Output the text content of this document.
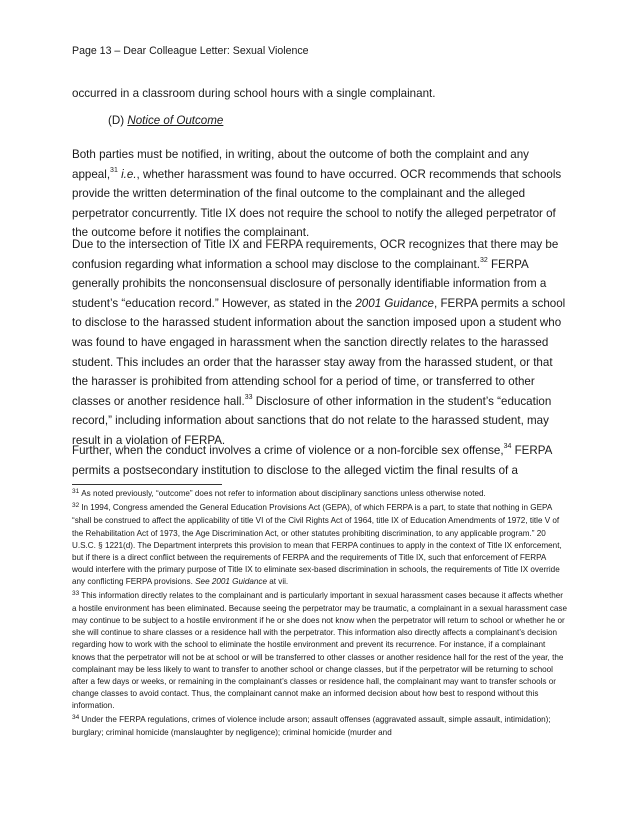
Page 13 – Dear Colleague Letter: Sexual Violence

occurred in a classroom during school hours with a single complainant.

(D) Notice of Outcome

Both parties must be notified, in writing, about the outcome of both the complaint and any appeal,$^{31}$ i.e., whether harassment was found to have occurred. OCR recommends that schools provide the written determination of the final outcome to the complainant and the alleged perpetrator concurrently. Title IX does not require the school to notify the alleged perpetrator of the outcome before it notifies the complainant.

Due to the intersection of Title IX and FERPA requirements, OCR recognizes that there may be confusion regarding what information a school may disclose to the complainant.$^{32}$ FERPA generally prohibits the nonconsensual disclosure of personally identifiable information from a student’s “education record.” However, as stated in the 2001 Guidance, FERPA permits a school to disclose to the harassed student information about the sanction imposed upon a student who was found to have engaged in harassment when the sanction directly relates to the harassed student. This includes an order that the harasser stay away from the harassed student, or that the harasser is prohibited from attending school for a period of time, or transferred to other classes or another residence hall.$^{33}$ Disclosure of other information in the student’s “education record,” including information about sanctions that do not relate to the harassed student, may result in a violation of FERPA.

Further, when the conduct involves a crime of violence or a non-forcible sex offense,$^{34}$ FERPA permits a postsecondary institution to disclose to the alleged victim the final results of a

$^{31}$ As noted previously, “outcome” does not refer to information about disciplinary sanctions unless otherwise noted.

$^{32}$ In 1994, Congress amended the General Education Provisions Act (GEPA), of which FERPA is a part, to state that nothing in GEPA “shall be construed to affect the applicability of title VI of the Civil Rights Act of 1964, title IX of Education Amendments of 1972, title V of the Rehabilitation Act of 1973, the Age Discrimination Act, or other statutes prohibiting discrimination, to any applicable program.” 20 U.S.C. § 1221(d). The Department interprets this provision to mean that FERPA continues to apply in the context of Title IX enforcement, but if there is a direct conflict between the requirements of FERPA and the requirements of Title IX, such that enforcement of FERPA would interfere with the primary purpose of Title IX to eliminate sex-based discrimination in schools, the requirements of Title IX override any conflicting FERPA provisions. See 2001 Guidance at vii.

$^{33}$ This information directly relates to the complainant and is particularly important in sexual harassment cases because it affects whether a hostile environment has been eliminated. Because seeing the perpetrator may be traumatic, a complainant in a sexual harassment case may continue to be subject to a hostile environment if he or she does not know when the perpetrator will return to school or whether he or she will continue to share classes or a residence hall with the perpetrator. This information also directly affects a complainant’s decision regarding how to work with the school to eliminate the hostile environment and prevent its recurrence. For instance, if a complainant knows that the perpetrator will not be at school or will be transferred to other classes or another residence hall for the rest of the year, the complainant may be less likely to want to transfer to another school or change classes, but if the perpetrator will be returning to school after a few days or weeks, or remaining in the complainant’s classes or residence hall, the complainant may want to transfer schools or change classes to avoid contact. Thus, the complainant cannot make an informed decision about how best to respond without this information.

$^{34}$ Under the FERPA regulations, crimes of violence include arson; assault offenses (aggravated assault, simple assault, intimidation); burglary; criminal homicide (manslaughter by negligence); criminal homicide (murder and
